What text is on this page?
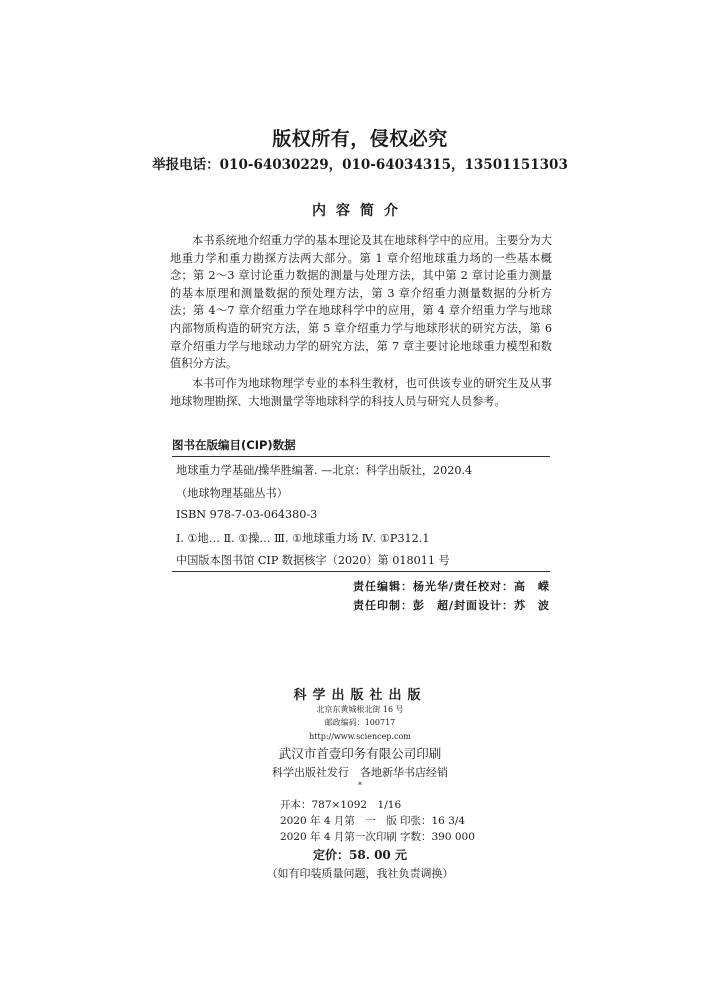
版权所有，侵权必究
举报电话：010-64030229，010-64034315，13501151303
内容简介
本书系统地介绍重力学的基本理论及其在地球科学中的应用。主要分为大地重力学和重力勘探方法两大部分。第 1 章介绍地球重力场的一些基本概念；第 2～3 章讨论重力数据的测量与处理方法，其中第 2 章讨论重力测量的基本原理和测量数据的预处理方法，第 3 章介绍重力测量数据的分析方法；第 4～7 章介绍重力学在地球科学中的应用，第 4 章介绍重力学与地球内部物质构造的研究方法，第 5 章介绍重力学与地球形状的研究方法，第 6 章介绍重力学与地球动力学的研究方法，第 7 章主要讨论地球重力模型和数值积分方法。
本书可作为地球物理学专业的本科生教材，也可供该专业的研究生及从事地球物理勘探、大地测量学等地球科学的科技人员与研究人员参考。
图书在版编目(CIP)数据
地球重力学基础/操华胜编著. —北京：科学出版社，2020.4
（地球物理基础丛书）
ISBN 978-7-03-064380-3
Ⅰ. ①地… Ⅱ. ①操… Ⅲ. ①地球重力场 Ⅳ. ①P312.1
中国版本图书馆 CIP 数据核字（2020）第 018011 号
责任编辑：杨光华/责任校对：高　嵘
责任印制：彭　超/封面设计：苏　波
科学出版社出版
北京东黄城根北街 16 号
邮政编码：100717
http://www.sciencep.com
武汉市首壹印务有限公司印刷
科学出版社发行　各地新华书店经销
*
开本：787×1092　1/16
2020 年 4 月第　一　版 印张：16 3/4
2020 年 4 月第一次印刷 字数：390 000
定价：58. 00 元
（如有印装质量问题，我社负责调换）
